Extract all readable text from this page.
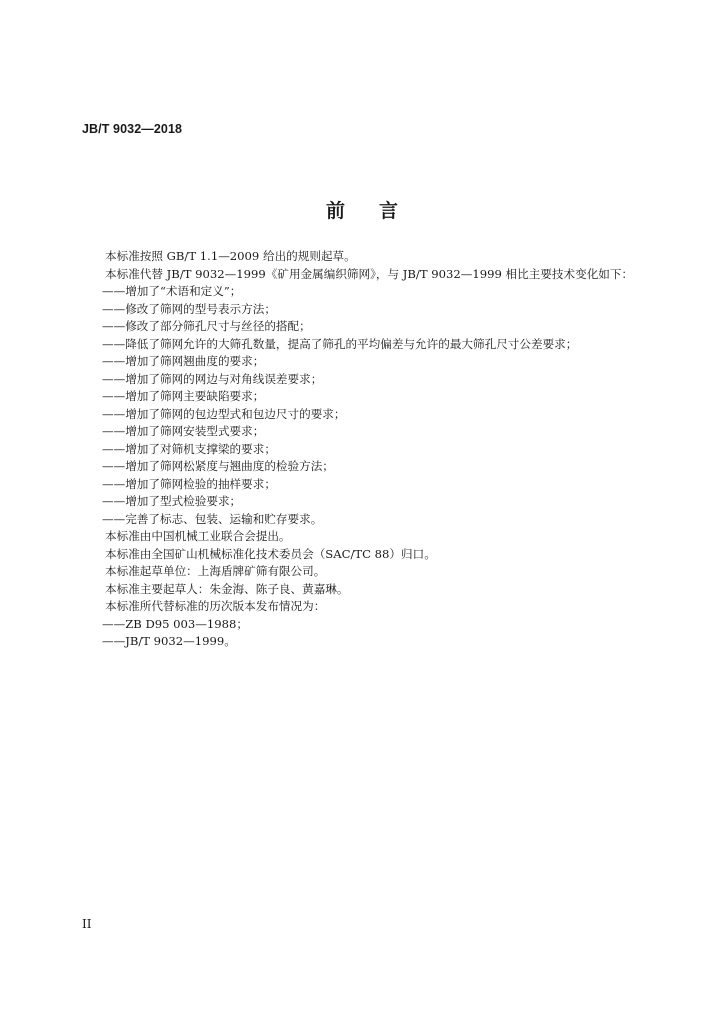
JB/T 9032—2018
前 言
本标准按照 GB/T 1.1—2009 给出的规则起草。
本标准代替 JB/T 9032—1999《矿用金属编织筛网》，与 JB/T 9032—1999 相比主要技术变化如下：
——增加了“术语和定义”；
——修改了筛网的型号表示方法；
——修改了部分筛孔尺寸与丝径的搭配；
——降低了筛网允许的大筛孔数量，提高了筛孔的平均偏差与允许的最大筛孔尺寸公差要求；
——增加了筛网翘曲度的要求；
——增加了筛网的网边与对角线误差要求；
——增加了筛网主要缺陷要求；
——增加了筛网的包边型式和包边尺寸的要求；
——增加了筛网安装型式要求；
——增加了对筛机支撑梁的要求；
——增加了筛网松紧度与翘曲度的检验方法；
——增加了筛网检验的抽样要求；
——增加了型式检验要求；
——完善了标志、包装、运输和贮存要求。
本标准由中国机械工业联合会提出。
本标准由全国矿山机械标准化技术委员会（SAC/TC 88）归口。
本标准起草单位：上海盾牌矿筛有限公司。
本标准主要起草人：朱金海、陈子良、黄嘉琳。
本标准所代替标准的历次版本发布情况为：
——ZB D95 003—1988；
——JB/T 9032—1999。
II
